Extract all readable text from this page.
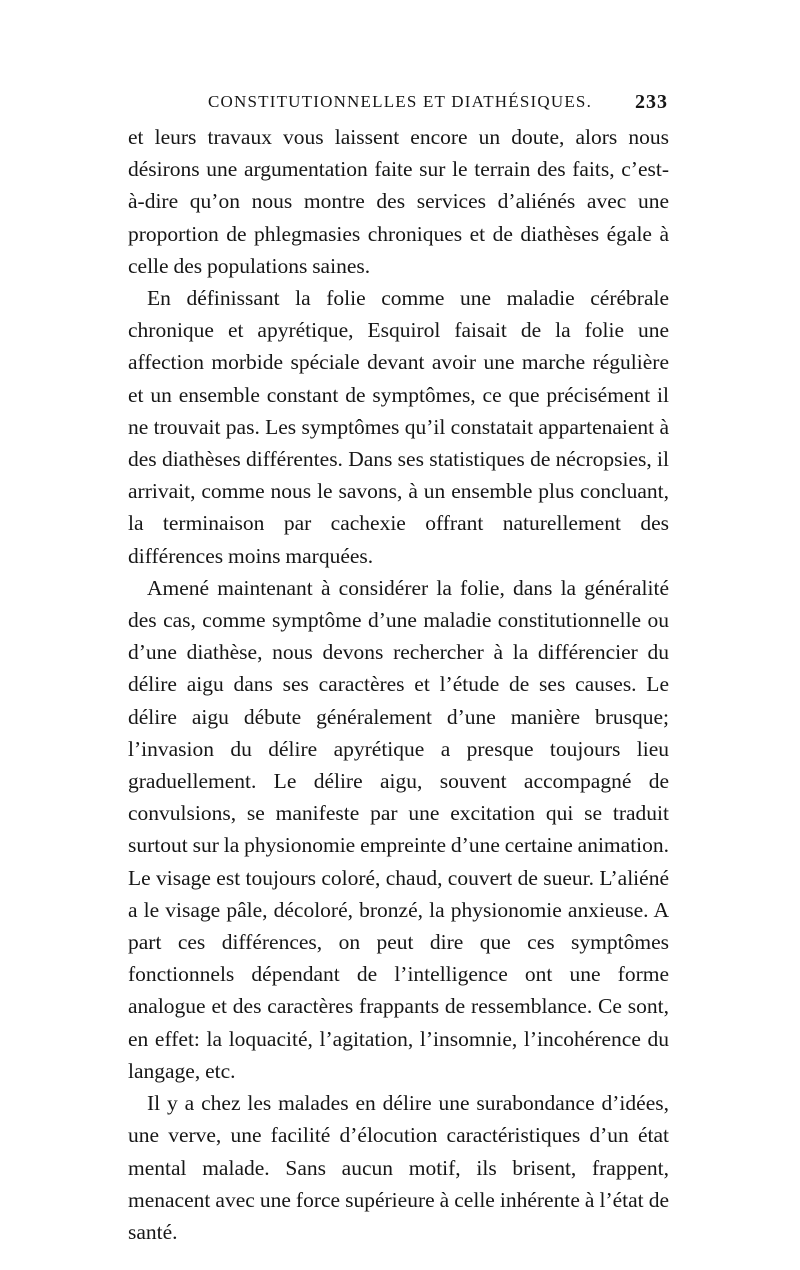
CONSTITUTIONNELLES ET DIATHÉSIQUES. 233

et leurs travaux vous laissent encore un doute, alors nous désirons une argumentation faite sur le terrain des faits, c’est-à-dire qu’on nous montre des services d’aliénés avec une proportion de phlegmasies chroniques et de diathèses égale à celle des populations saines.

En définissant la folie comme une maladie cérébrale chronique et apyrétique, Esquirol faisait de la folie une affection morbide spéciale devant avoir une marche régulière et un ensemble constant de symptômes, ce que précisément il ne trouvait pas. Les symptômes qu’il constatait appartenaient à des diathèses différentes. Dans ses statistiques de nécropsies, il arrivait, comme nous le savons, à un ensemble plus concluant, la terminaison par cachexie offrant naturellement des différences moins marquées.

Amené maintenant à considérer la folie, dans la généralité des cas, comme symptôme d’une maladie constitutionnelle ou d’une diathèse, nous devons rechercher à la différencier du délire aigu dans ses caractères et l’étude de ses causes. Le délire aigu débute généralement d’une manière brusque; l’invasion du délire apyrétique a presque toujours lieu graduellement. Le délire aigu, souvent accompagné de convulsions, se manifeste par une excitation qui se traduit surtout sur la physionomie empreinte d’une certaine animation. Le visage est toujours coloré, chaud, couvert de sueur. L’aliéné a le visage pâle, décoloré, bronzé, la physionomie anxieuse. A part ces différences, on peut dire que ces symptômes fonctionnels dépendant de l’intelligence ont une forme analogue et des caractères frappants de ressemblance. Ce sont, en effet: la loquacité, l’agitation, l’insomnie, l’incohérence du langage, etc.

Il y a chez les malades en délire une surabondance d’idées, une verve, une facilité d’élocution caractéristiques d’un état mental malade. Sans aucun motif, ils brisent, frappent, menacent avec une force supérieure à celle inhérente à l’état de santé.
